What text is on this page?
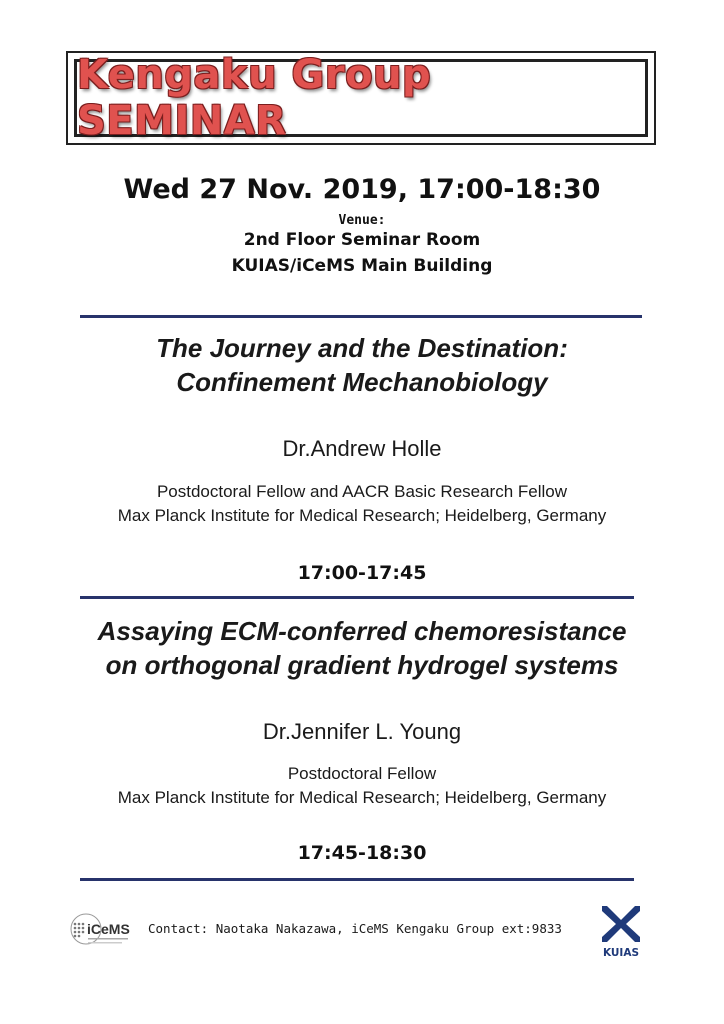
Kengaku Group SEMINAR
Wed 27 Nov. 2019, 17:00-18:30
Venue:
2nd Floor Seminar Room
KUIAS/iCeMS Main Building
The Journey and the Destination:
Confinement Mechanobiology
Dr.Andrew Holle
Postdoctoral Fellow and AACR Basic Research Fellow
Max Planck Institute for Medical Research; Heidelberg, Germany
17:00-17:45
Assaying ECM-conferred chemoresistance
on orthogonal gradient hydrogel systems
Dr.Jennifer L. Young
Postdoctoral Fellow
Max Planck Institute for Medical Research; Heidelberg, Germany
17:45-18:30
iCeMS Contact: Naotaka Nakazawa, iCeMS Kengaku Group ext:9833
KUIAS
